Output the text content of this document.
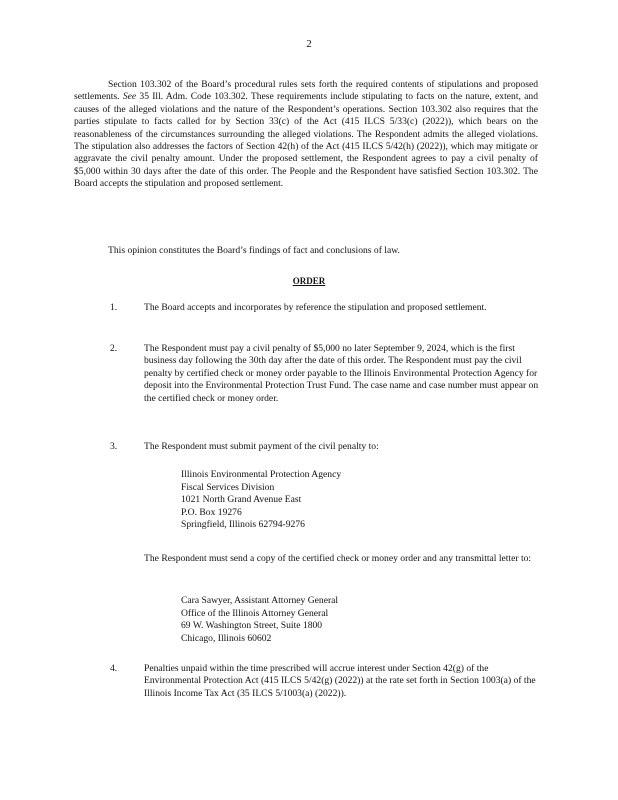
2
Section 103.302 of the Board’s procedural rules sets forth the required contents of stipulations and proposed settlements. See 35 Ill. Adm. Code 103.302. These requirements include stipulating to facts on the nature, extent, and causes of the alleged violations and the nature of the Respondent’s operations. Section 103.302 also requires that the parties stipulate to facts called for by Section 33(c) of the Act (415 ILCS 5/33(c) (2022)), which bears on the reasonableness of the circumstances surrounding the alleged violations. The Respondent admits the alleged violations. The stipulation also addresses the factors of Section 42(h) of the Act (415 ILCS 5/42(h) (2022)), which may mitigate or aggravate the civil penalty amount. Under the proposed settlement, the Respondent agrees to pay a civil penalty of $5,000 within 30 days after the date of this order. The People and the Respondent have satisfied Section 103.302. The Board accepts the stipulation and proposed settlement.
This opinion constitutes the Board’s findings of fact and conclusions of law.
ORDER
1.	The Board accepts and incorporates by reference the stipulation and proposed settlement.
2.	The Respondent must pay a civil penalty of $5,000 no later September 9, 2024, which is the first business day following the 30th day after the date of this order. The Respondent must pay the civil penalty by certified check or money order payable to the Illinois Environmental Protection Agency for deposit into the Environmental Protection Trust Fund. The case name and case number must appear on the certified check or money order.
3.	The Respondent must submit payment of the civil penalty to:
Illinois Environmental Protection Agency
Fiscal Services Division
1021 North Grand Avenue East
P.O. Box 19276
Springfield, Illinois 62794-9276
The Respondent must send a copy of the certified check or money order and any transmittal letter to:
Cara Sawyer, Assistant Attorney General
Office of the Illinois Attorney General
69 W. Washington Street, Suite 1800
Chicago, Illinois 60602
4.	Penalties unpaid within the time prescribed will accrue interest under Section 42(g) of the Environmental Protection Act (415 ILCS 5/42(g) (2022)) at the rate set forth in Section 1003(a) of the Illinois Income Tax Act (35 ILCS 5/1003(a) (2022)).
